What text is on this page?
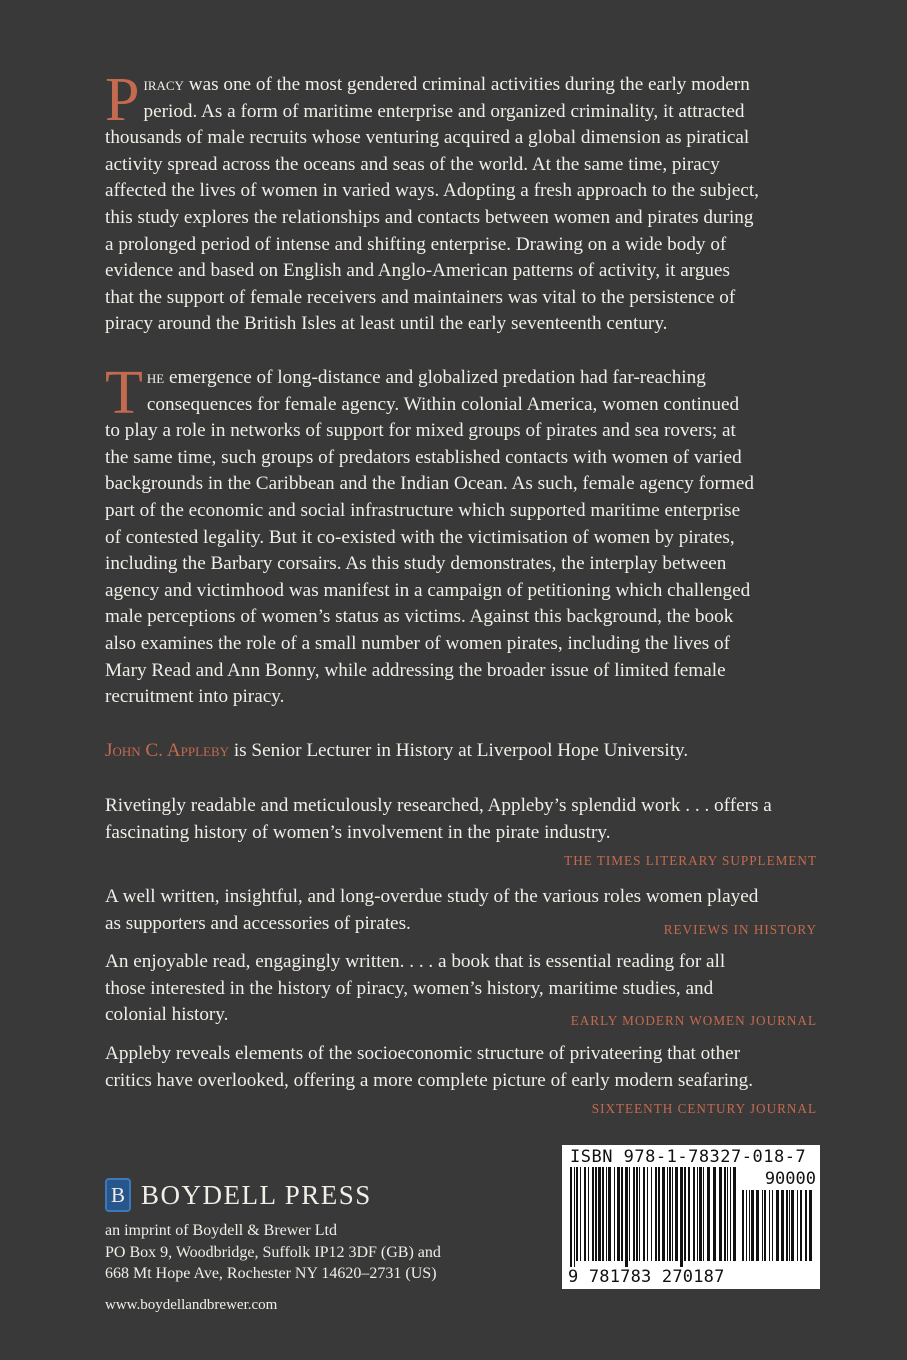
P iracy was one of the most gendered criminal activities during the early modern
period. As a form of maritime enterprise and organized criminality, it attracted
thousands of male recruits whose venturing acquired a global dimension as piratical
activity spread across the oceans and seas of the world. At the same time, piracy
affected the lives of women in varied ways. Adopting a fresh approach to the subject,
this study explores the relationships and contacts between women and pirates during
a prolonged period of intense and shifting enterprise. Drawing on a wide body of
evidence and based on English and Anglo-American patterns of activity, it argues
that the support of female receivers and maintainers was vital to the persistence of
piracy around the British Isles at least until the early seventeenth century.
T he emergence of long-distance and globalized predation had far-reaching
consequences for female agency. Within colonial America, women continued
to play a role in networks of support for mixed groups of pirates and sea rovers; at
the same time, such groups of predators established contacts with women of varied
backgrounds in the Caribbean and the Indian Ocean. As such, female agency formed
part of the economic and social infrastructure which supported maritime enterprise
of contested legality. But it co-existed with the victimisation of women by pirates,
including the Barbary corsairs. As this study demonstrates, the interplay between
agency and victimhood was manifest in a campaign of petitioning which challenged
male perceptions of women’s status as victims. Against this background, the book
also examines the role of a small number of women pirates, including the lives of
Mary Read and Ann Bonny, while addressing the broader issue of limited female
recruitment into piracy.
John C. Appleby is Senior Lecturer in History at Liverpool Hope University.
Rivetingly readable and meticulously researched, Appleby’s splendid work . . . offers a
fascinating history of women’s involvement in the pirate industry.
THE TIMES LITERARY SUPPLEMENT
A well written, insightful, and long-overdue study of the various roles women played
as supporters and accessories of pirates.	REVIEWS IN HISTORY
An enjoyable read, engagingly written. . . . a book that is essential reading for all
those interested in the history of piracy, women’s history, maritime studies, and
colonial history.	EARLY MODERN WOMEN JOURNAL
Appleby reveals elements of the socioeconomic structure of privateering that other
critics have overlooked, offering a more complete picture of early modern seafaring.
SIXTEENTH CENTURY JOURNAL
B BOYDELL PRESS
an imprint of Boydell & Brewer Ltd
PO Box 9, Woodbridge, Suffolk IP12 3DF (GB) and
668 Mt Hope Ave, Rochester NY 14620–2731 (US)
www.boydellandbrewer.com
ISBN 978-1-78327-018-7
90000
9 781783 270187
